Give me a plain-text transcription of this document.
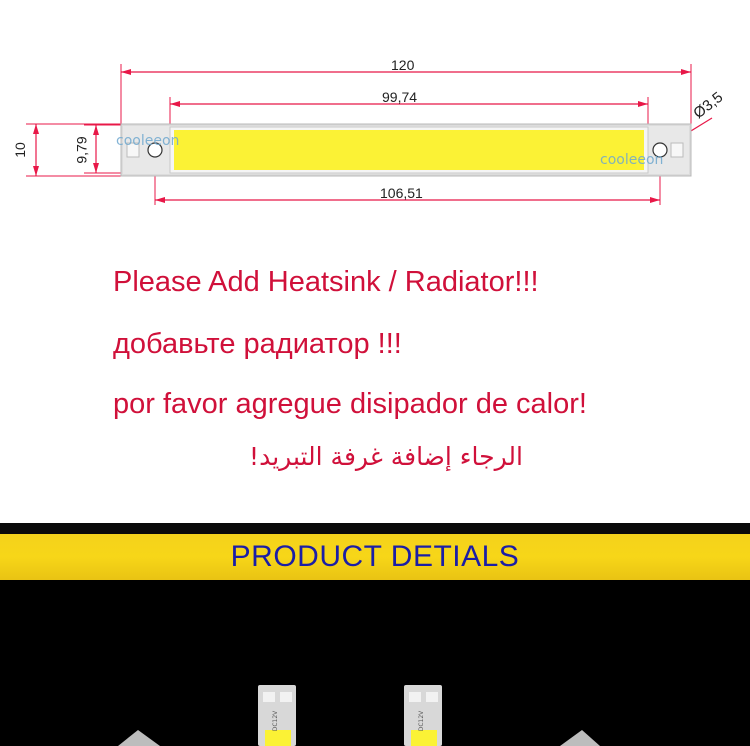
120
99,74
106,51
Ø3,5
10	9,79 cooleeon
cooleeon
Please Add Heatsink / Radiator!!!
добавьте радиатор !!!
por favor agregue disipador de calor!
الرجاء إضافة غرفة التبريد!
PRODUCT DETIALS
DC12V	DC12V
